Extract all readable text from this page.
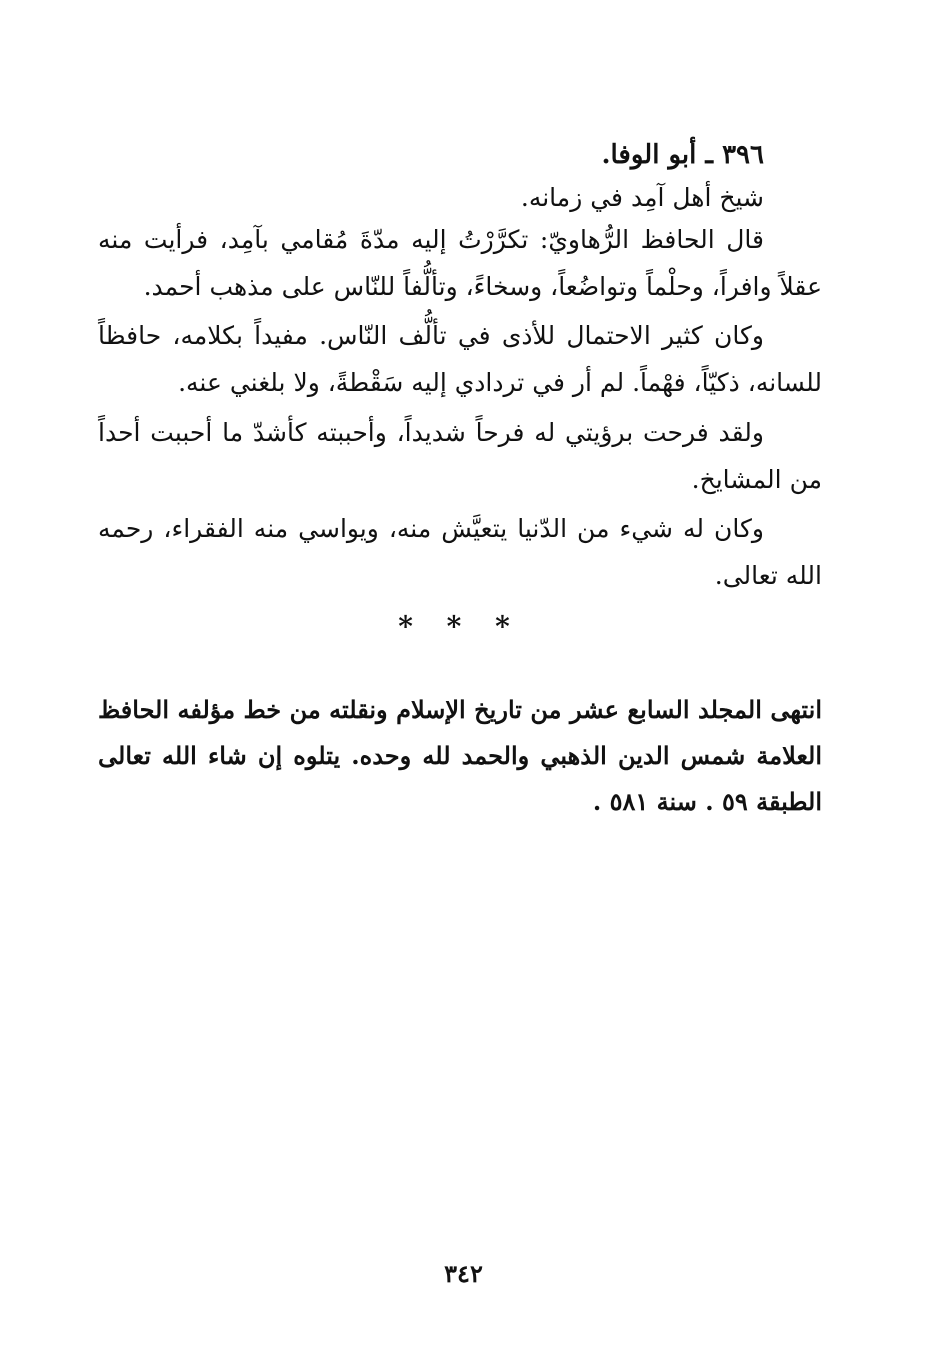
٣٩٦ ـ أبو الوفا.
شيخ أهل آمِد في زمانه.
قال الحافظ الرُّهاويّ: تكرَّرْتُ إليه مدّةَ مُقامي بآمِد، فرأيت منه عقلاً وافراً، وحلْماً وتواضُعاً، وسخاءً، وتألُّفاً للنّاس على مذهب أحمد.
وكان كثير الاحتمال للأذى في تألُّف النّاس. مفيداً بكلامه، حافظاً للسانه، ذكيّاً، فهْماً. لم أر في تردادي إليه سَقْطةً، ولا بلغني عنه.
ولقد فرحت برؤيتي له فرحاً شديداً، وأحببته كأشدّ ما أحببت أحداً من المشايخ.
وكان له شيء من الدّنيا يتعيَّش منه، ويواسي منه الفقراء، رحمه الله تعالى.
* * *
انتهى المجلد السابع عشر من تاريخ الإسلام ونقلته من خط مؤلفه الحافظ العلامة شمس الدين الذهبي والحمد لله وحده. يتلوه إن شاء الله تعالى الطبقة ٥٩ . سنة ٥٨١ .
٣٤٢
